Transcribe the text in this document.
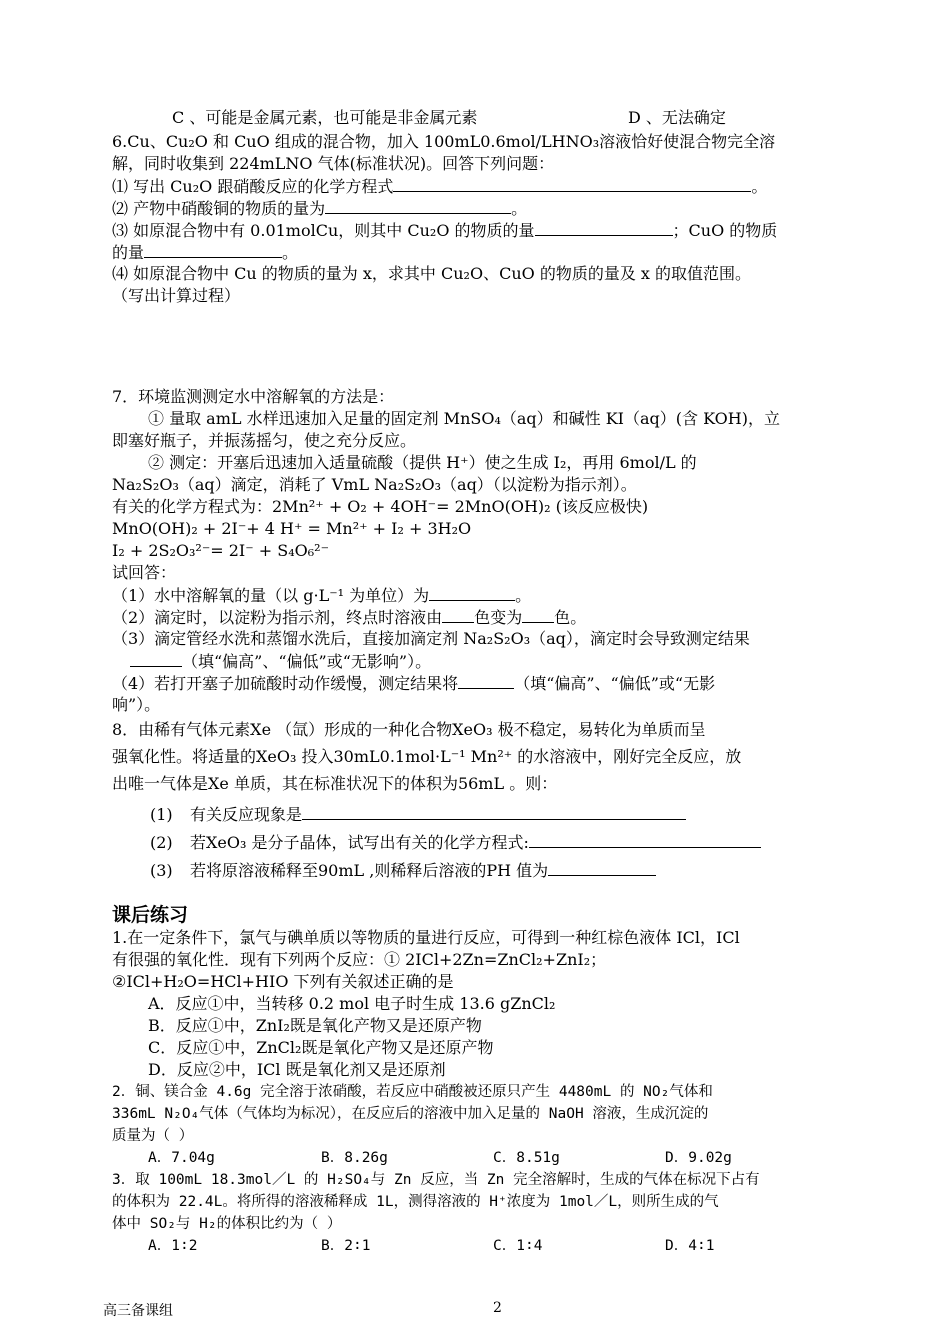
C 、可能是金属元素，也可能是非金属元素	D 、无法确定
6.Cu、Cu₂O 和 CuO 组成的混合物，加入 100mL0.6mol/LHNO₃溶液恰好使混合物完全溶
解，同时收集到 224mLNO 气体(标准状况)。回答下列问题：
⑴ 写出 Cu₂O 跟硝酸反应的化学方程式	。
⑵ 产物中硝酸铜的物质的量为	。
⑶ 如原混合物中有 0.01molCu，则其中 Cu₂O 的物质的量	；CuO 的物质
的量	。
⑷ 如原混合物中 Cu 的物质的量为 x，求其中 Cu₂O、CuO 的物质的量及 x 的取值范围。
（写出计算过程）
7．环境监测测定水中溶解氧的方法是：
① 量取 amL 水样迅速加入足量的固定剂 MnSO₄（aq）和碱性 KI（aq）(含 KOH)，立
即塞好瓶子，并振荡摇匀，使之充分反应。
② 测定：开塞后迅速加入适量硫酸（提供 H⁺）使之生成 I₂，再用 6mol/L 的
Na₂S₂O₃（aq）滴定，消耗了 VmL Na₂S₂O₃（aq）（以淀粉为指示剂）。
有关的化学方程式为：2Mn²⁺ + O₂ + 4OH⁻= 2MnO(OH)₂ (该反应极快)
MnO(OH)₂ + 2I⁻+ 4 H⁺ = Mn²⁺ + I₂ + 3H₂O
I₂ + 2S₂O₃²⁻= 2I⁻ + S₄O₆²⁻
试回答：
（1）水中溶解氧的量（以 g·L⁻¹ 为单位）为	。
（2）滴定时，以淀粉为指示剂，终点时溶液由 色变为 色。
（3）滴定管经水洗和蒸馏水洗后，直接加滴定剂 Na₂S₂O₃（aq），滴定时会导致测定结果
（填“偏高”、“偏低”或“无影响”）。
（4）若打开塞子加硫酸时动作缓慢，测定结果将	（填“偏高”、“偏低”或“无影
响”）。
8．由稀有气体元素Xe （氙）形成的一种化合物XeO₃ 极不稳定，易转化为单质而呈
强氧化性。将适量的XeO₃ 投入30mL0.1mol·L⁻¹ Mn²⁺ 的水溶液中，刚好完全反应，放
出唯一气体是Xe 单质，其在标准状况下的体积为56mL 。则：
(1) 有关反应现象是
(2) 若XeO₃ 是分子晶体，试写出有关的化学方程式:
(3) 若将原溶液稀释至90mL ,则稀释后溶液的PH 值为
课后练习
1.在一定条件下，氯气与碘单质以等物质的量进行反应，可得到一种红棕色液体 ICl，ICl
有很强的氧化性．现有下列两个反应：① 2ICl+2Zn=ZnCl₂+ZnI₂；
②ICl+H₂O=HCl+HIO 下列有关叙述正确的是
A．反应①中，当转移 0.2 mol 电子时生成 13.6 gZnCl₂
B．反应①中，ZnI₂既是氧化产物又是还原产物
C．反应①中，ZnCl₂既是氧化产物又是还原产物
D．反应②中，ICl 既是氧化剂又是还原剂
2．铜、镁合金 4.6g 完全溶于浓硝酸，若反应中硝酸被还原只产生 4480mL 的 NO₂气体和
336mL N₂O₄气体（气体均为标况），在反应后的溶液中加入足量的 NaOH 溶液，生成沉淀的
质量为（ ）
A．7.04g	B．8.26g	C．8.51g	D．9.02g
3．取 100mL 18.3mol／L 的 H₂SO₄与 Zn 反应，当 Zn 完全溶解时，生成的气体在标况下占有
的体积为 22.4L。将所得的溶液稀释成 1L，测得溶液的 H⁺浓度为 1mol／L，则所生成的气
体中 SO₂与 H₂的体积比约为（ ）
A．1∶2	B．2∶1	C．1∶4	D．4∶1
高三备课组	2
